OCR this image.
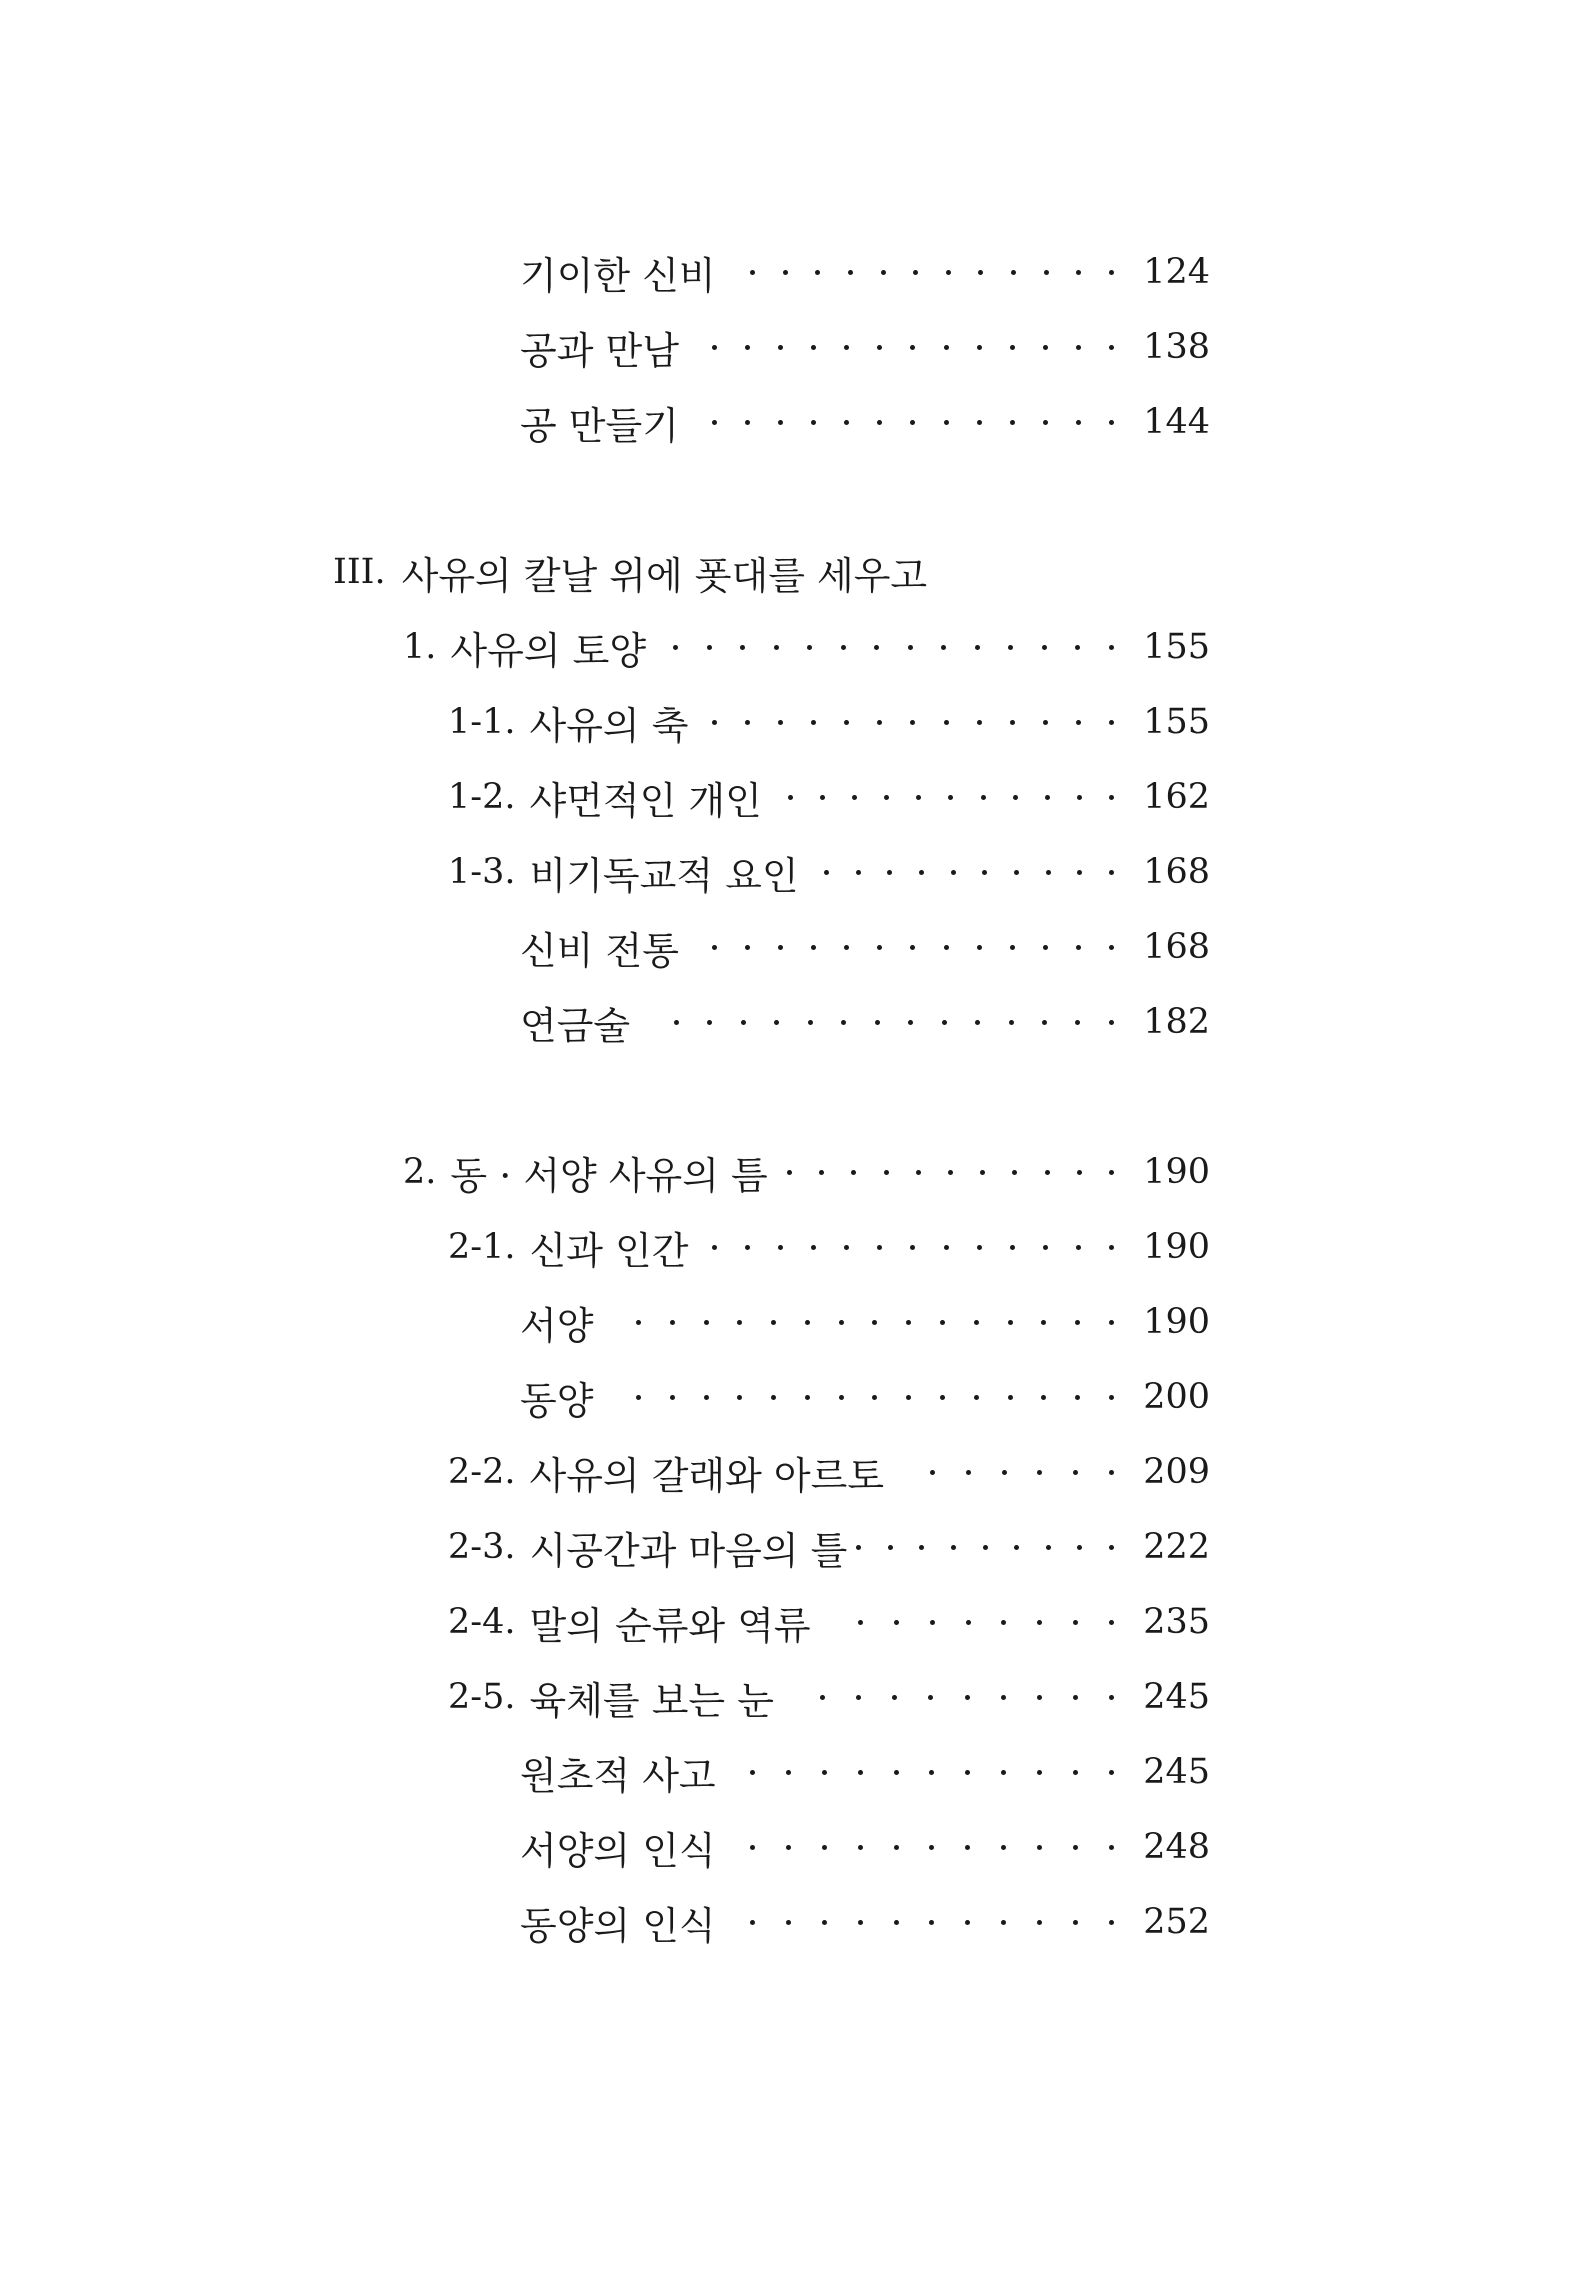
기이한 신비	124
공과 만남	138
공 만들기	144
III. 사유의 칼날 위에 폿대를 세우고
1. 사유의 토양	155
1-1. 사유의 축	155
1-2. 샤먼적인 개인	162
1-3. 비기독교적 요인	168
신비 전통	168
연금술	182
2. 동 · 서양 사유의 틈	190
2-1. 신과 인간	190
서양	190
동양	200
2-2. 사유의 갈래와 아르토	209
2-3. 시공간과 마음의 틀	222
2-4. 말의 순류와 역류	235
2-5. 육체를 보는 눈	245
원초적 사고	245
서양의 인식	248
동양의 인식	252
